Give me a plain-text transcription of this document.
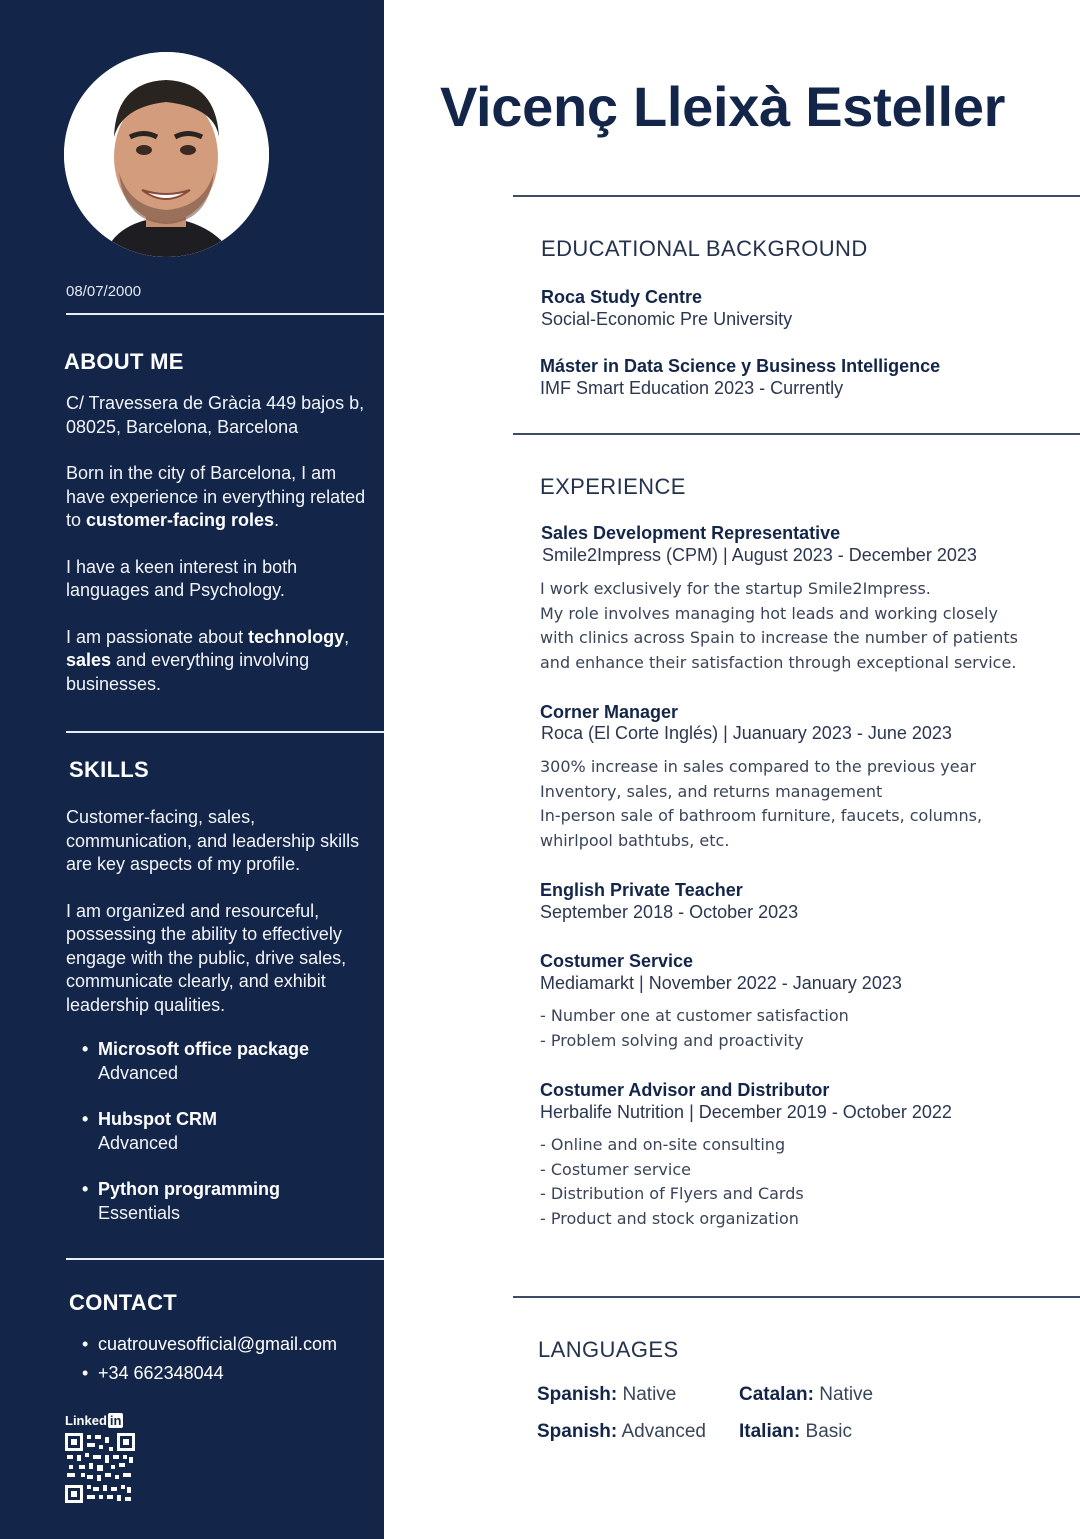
08/07/2000
ABOUT ME

C/ Travessera de Gràcia 449 bajos b, 08025, Barcelona, Barcelona

Born in the city of Barcelona, I am have experience in everything related to customer-facing roles.

I have a keen interest in both languages and Psychology.

I am passionate about technology, sales and everything involving businesses.

SKILLS

Customer-facing, sales, communication, and leadership skills are key aspects of my profile.

I am organized and resourceful, possessing the ability to effectively engage with the public, drive sales, communicate clearly, and exhibit leadership qualities.

• Microsoft office package
Advanced
• Hubspot CRM
Advanced
• Python programming
Essentials
CONTACT
• cuatrouvesofficial@gmail.com
• +34 662348044
Linked in
Vicenç Lleixà Esteller
EDUCATIONAL BACKGROUND
Roca Study Centre
Social-Economic Pre University
Máster in Data Science y Business Intelligence
IMF Smart Education 2023 - Currently
EXPERIENCE
Sales Development Representative
Smile2Impress (CPM) | August 2023 - December 2023
I work exclusively for the startup Smile2Impress.
My role involves managing hot leads and working closely
with clinics across Spain to increase the number of patients
and enhance their satisfaction through exceptional service.
Corner Manager
Roca (El Corte Inglés) | Juanuary 2023 - June 2023
300% increase in sales compared to the previous year
Inventory, sales, and returns management
In-person sale of bathroom furniture, faucets, columns,
whirlpool bathtubs, etc.
English Private Teacher
September 2018 - October 2023
Costumer Service
Mediamarkt | November 2022 - January 2023
- Number one at customer satisfaction
- Problem solving and proactivity
Costumer Advisor and Distributor
Herbalife Nutrition | December 2019 - October 2022
- Online and on-site consulting
- Costumer service
- Distribution of Flyers and Cards
- Product and stock organization
LANGUAGES
Spanish: Native	Catalan: Native
Spanish: Advanced Italian: Basic
